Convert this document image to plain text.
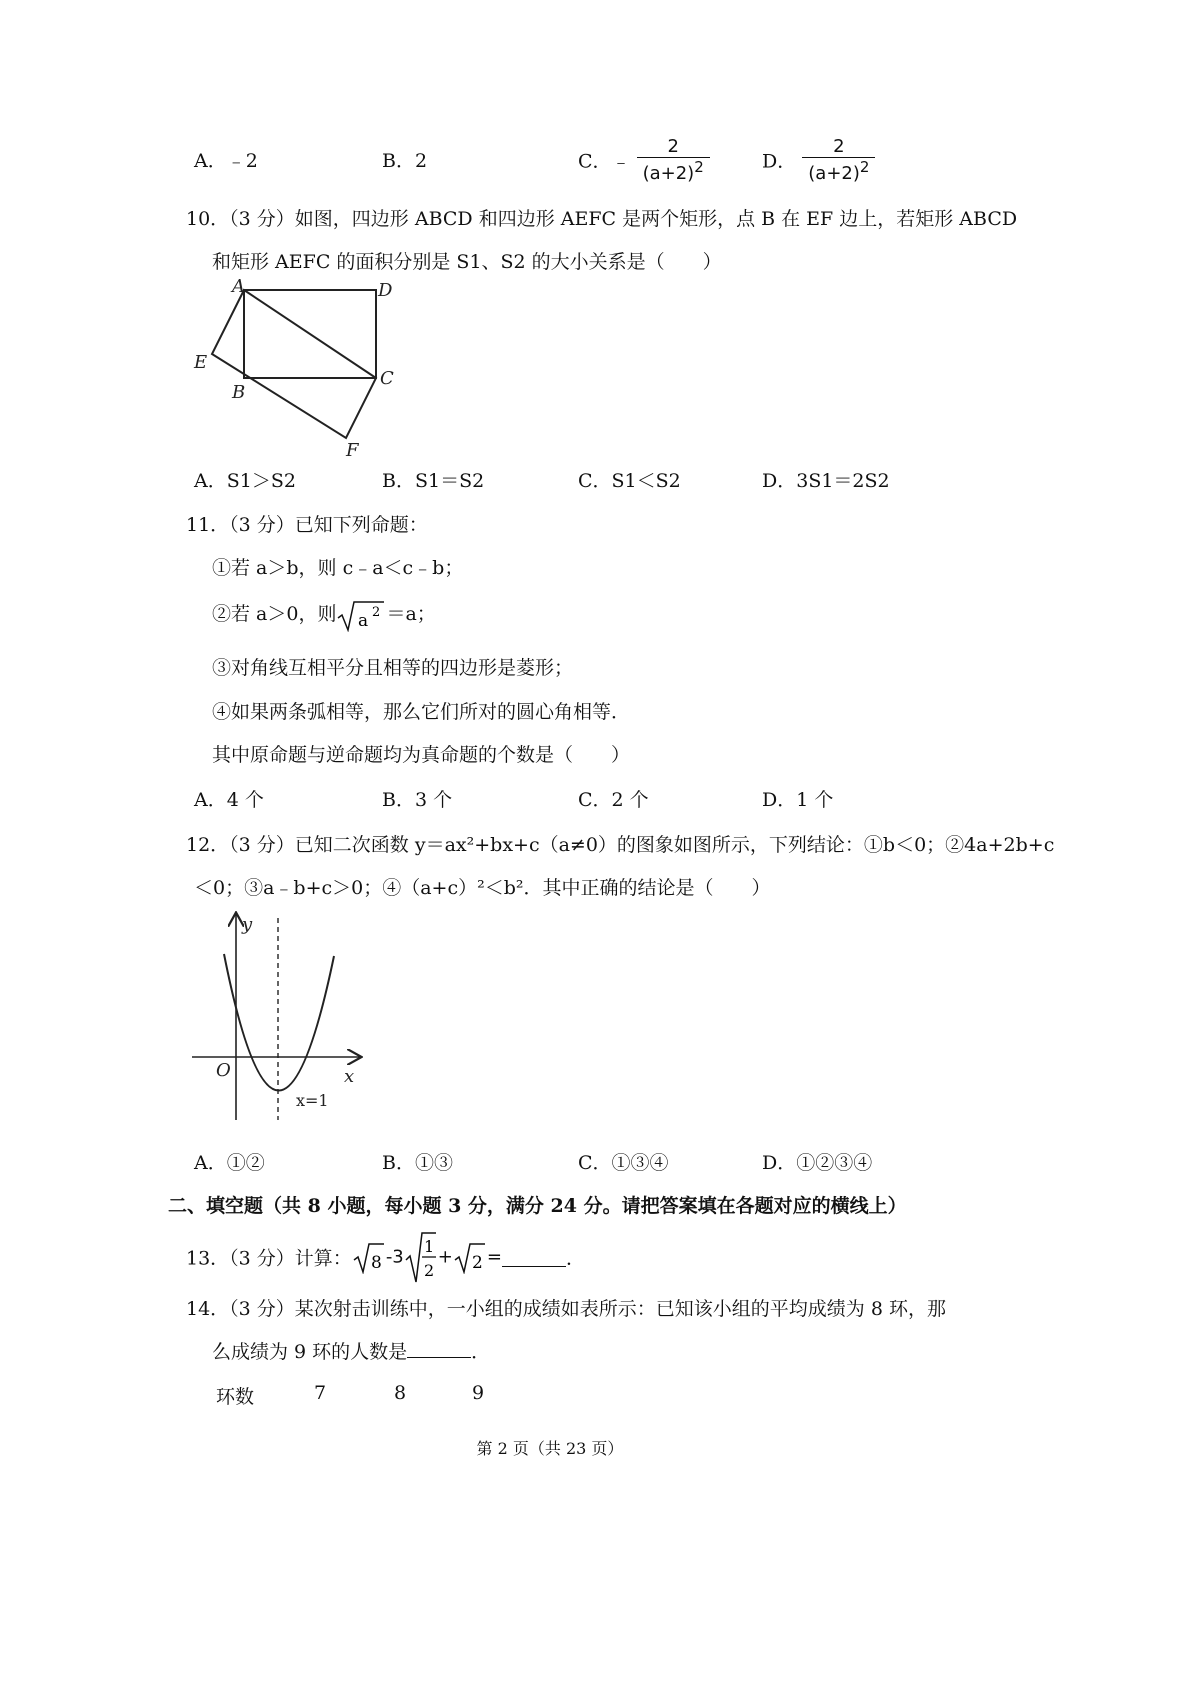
A．﹣2	B．2	C．﹣ $\frac{2}{(a+2)^2}$	D． $\frac{2}{(a+2)^2}$
10．（3 分）如图，四边形 ABCD 和四边形 AEFC 是两个矩形，点 B 在 EF 边上，若矩形 ABCD
和矩形 AEFC 的面积分别是 S1、S2 的大小关系是（　　）
A	D
E
B
C
F
A．S1＞S2	B．S1＝S2	C．S1＜S2	D．3S1＝2S2
11．（3 分）已知下列命题：
①若 a＞b，则 c﹣a＜c﹣b；
②若 a＞0，则 a 2 ＝a；
③对角线互相平分且相等的四边形是菱形；
④如果两条弧相等，那么它们所对的圆心角相等．
其中原命题与逆命题均为真命题的个数是（　　）
A．4 个	B．3 个	C．2 个	D．1 个
12．（3 分）已知二次函数 y＝ax²+bx+c（a≠0）的图象如图所示，下列结论：①b＜0；②4a+2b+c
＜0；③a﹣b+c＞0；④（a+c）²＜b²．其中正确的结论是（　　）
y
x
O
x=1
A．①②	B．①③	C．①③④	D．①②③④
二、填空题（共 8 小题，每小题 3 分，满分 24 分。请把答案填在各题对应的横线上）
13．（3 分）计算： 8 -3 1
2
+ 2 =	．
14．（3 分）某次射击训练中，一小组的成绩如表所示：已知该小组的平均成绩为 8 环，那
么成绩为 9 环的人数是	．
环数	7	8	9
第 2 页（共 23 页）
